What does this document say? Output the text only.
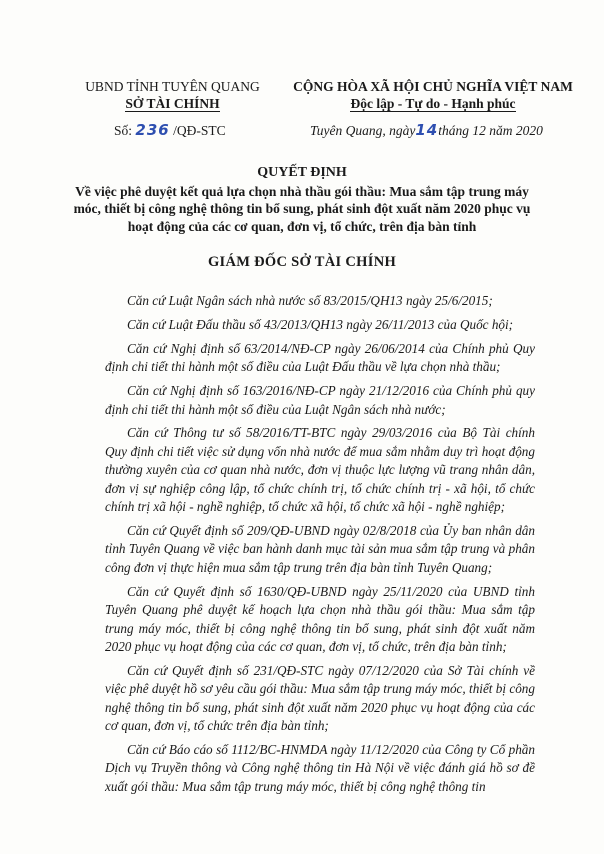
UBND TỈNH TUYÊN QUANG
SỞ TÀI CHÍNH
CỘNG HÒA XÃ HỘI CHỦ NGHĨA VIỆT NAM
Độc lập - Tự do - Hạnh phúc
Số: 236 /QĐ-STC	Tuyên Quang, ngày14tháng 12 năm 2020
QUYẾT ĐỊNH
Về việc phê duyệt kết quả lựa chọn nhà thầu gói thầu: Mua sắm tập trung máy móc, thiết bị công nghệ thông tin bổ sung, phát sinh đột xuất năm 2020 phục vụ hoạt động của các cơ quan, đơn vị, tổ chức, trên địa bàn tỉnh
GIÁM ĐỐC SỞ TÀI CHÍNH

Căn cứ Luật Ngân sách nhà nước số 83/2015/QH13 ngày 25/6/2015;

Căn cứ Luật Đấu thầu số 43/2013/QH13 ngày 26/11/2013 của Quốc hội;

Căn cứ Nghị định số 63/2014/NĐ-CP ngày 26/06/2014 của Chính phủ Quy định chi tiết thi hành một số điều của Luật Đấu thầu về lựa chọn nhà thầu;

Căn cứ Nghị định số 163/2016/NĐ-CP ngày 21/12/2016 của Chính phủ quy định chi tiết thi hành một số điều của Luật Ngân sách nhà nước;

Căn cứ Thông tư số 58/2016/TT-BTC ngày 29/03/2016 của Bộ Tài chính Quy định chi tiết việc sử dụng vốn nhà nước để mua sắm nhằm duy trì hoạt động thường xuyên của cơ quan nhà nước, đơn vị thuộc lực lượng vũ trang nhân dân, đơn vị sự nghiệp công lập, tổ chức chính trị, tổ chức chính trị - xã hội, tổ chức chính trị xã hội - nghề nghiệp, tổ chức xã hội, tổ chức xã hội - nghề nghiệp;

Căn cứ Quyết định số 209/QĐ-UBND ngày 02/8/2018 của Ủy ban nhân dân tỉnh Tuyên Quang về việc ban hành danh mục tài sản mua sắm tập trung và phân công đơn vị thực hiện mua sắm tập trung trên địa bàn tỉnh Tuyên Quang;

Căn cứ Quyết định số 1630/QĐ-UBND ngày 25/11/2020 của UBND tỉnh Tuyên Quang phê duyệt kế hoạch lựa chọn nhà thầu gói thầu: Mua sắm tập trung máy móc, thiết bị công nghệ thông tin bổ sung, phát sinh đột xuất năm 2020 phục vụ hoạt động của các cơ quan, đơn vị, tổ chức, trên địa bàn tỉnh;

Căn cứ Quyết định số 231/QĐ-STC ngày 07/12/2020 của Sở Tài chính về việc phê duyệt hồ sơ yêu cầu gói thầu: Mua sắm tập trung máy móc, thiết bị công nghệ thông tin bổ sung, phát sinh đột xuất năm 2020 phục vụ hoạt động của các cơ quan, đơn vị, tổ chức trên địa bàn tỉnh;

Căn cứ Báo cáo số 1112/BC-HNMDA ngày 11/12/2020 của Công ty Cổ phần Dịch vụ Truyền thông và Công nghệ thông tin Hà Nội về việc đánh giá hồ sơ đề xuất gói thầu: Mua sắm tập trung máy móc, thiết bị công nghệ thông tin
